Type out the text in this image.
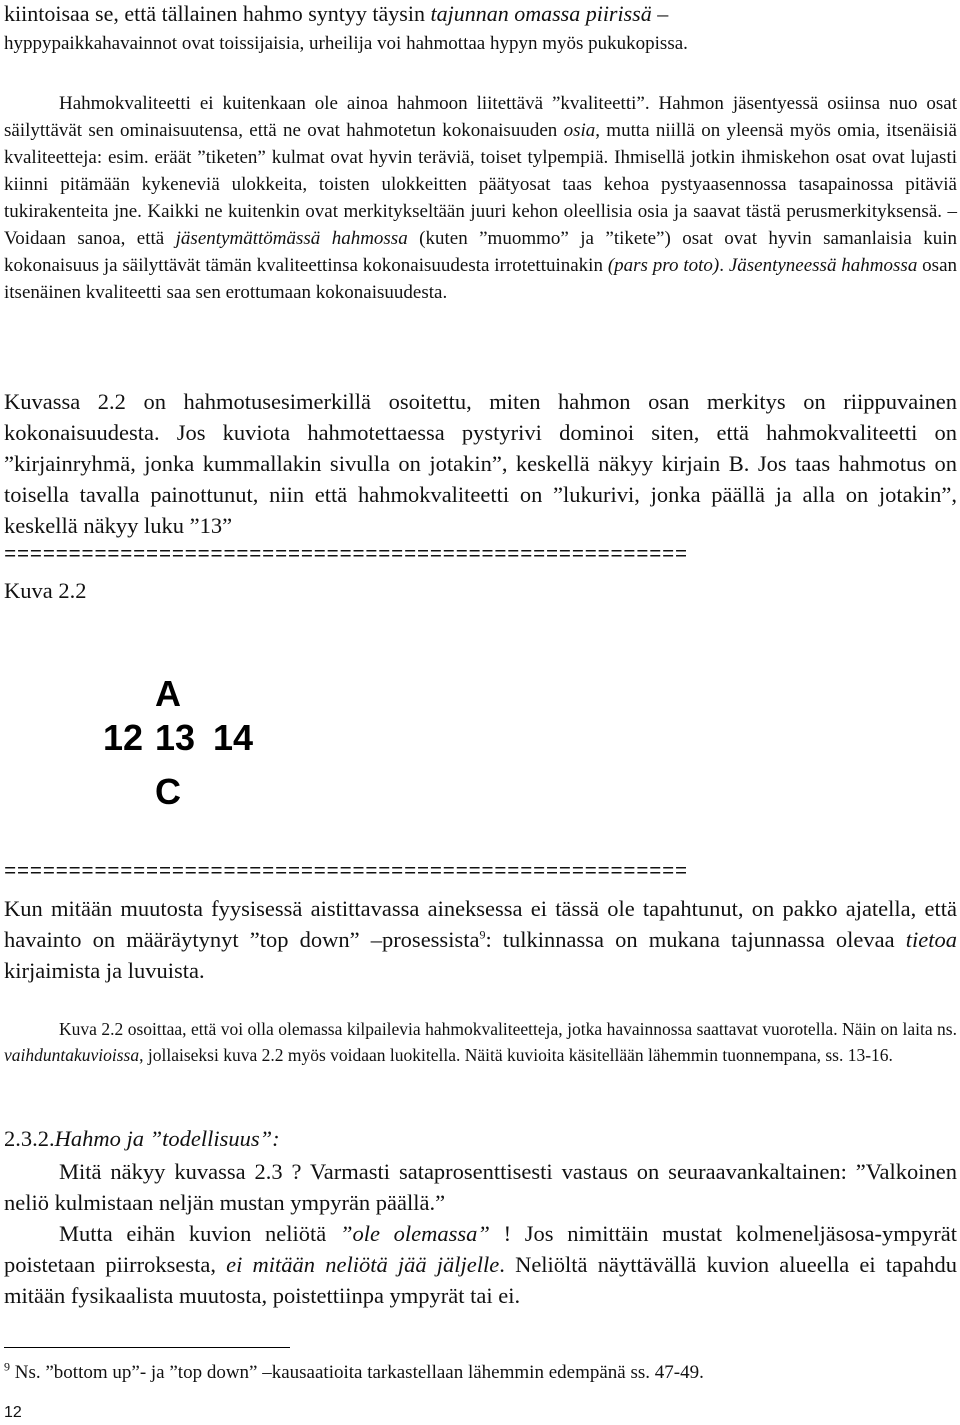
kiintoisaa se, että tällainen hahmo syntyy täysin tajunnan omassa piirissä –
hyppypaikkahavainnot ovat toissijaisia, urheilija voi hahmottaa hypyn myös pukukopissa.

Hahmokvaliteetti ei kuitenkaan ole ainoa hahmoon liitettävä ”kvaliteetti”. Hahmon jäsentyessä osiinsa nuo osat säilyttävät sen ominaisuutensa, että ne ovat hahmotetun kokonaisuuden osia, mutta niillä on yleensä myös omia, itsenäisiä kvaliteetteja: esim. eräät ”tiketen” kulmat ovat hyvin teräviä, toiset tylpempiä. Ihmisellä jotkin ihmiskehon osat ovat lujasti kiinni pitämään kykeneviä ulokkeita, toisten ulokkeitten päätyosat taas kehoa pystyaasennossa tasapainossa pitäviä tukirakenteita jne. Kaikki ne kuitenkin ovat merkitykseltään juuri kehon oleellisia osia ja saavat tästä perusmerkityksensä. – Voidaan sanoa, että jäsentymättömässä hahmossa (kuten ”muommo” ja ”tikete”) osat ovat hyvin samanlaisia kuin kokonaisuus ja säilyttävät tämän kvaliteettinsa kokonaisuudesta irrotettuinakin (pars pro toto). Jäsentyneessä hahmossa osan itsenäinen kvaliteetti saa sen erottumaan kokonaisuudesta.

Kuvassa 2.2 on hahmotusesimerkillä osoitettu, miten hahmon osan merkitys on riippuvainen kokonaisuudesta. Jos kuviota hahmotettaessa pystyrivi dominoi siten, että hahmokvaliteetti on ”kirjainryhmä, jonka kummallakin sivulla on jotakin”, keskellä näkyy kirjain B. Jos taas hahmotus on toisella tavalla painottunut, niin että hahmokvaliteetti on ”lukurivi, jonka päällä ja alla on jotakin”, keskellä näkyy luku ”13”

=====================================================
Kuva 2.2
A
12 13 14
C
=====================================================

Kun mitään muutosta fyysisessä aistittavassa aineksessa ei tässä ole tapahtunut, on pakko ajatella, että havainto on määräytynyt ”top down” –prosessista$^9$: tulkinnassa on mukana tajunnassa olevaa tietoa kirjaimista ja luvuista.

Kuva 2.2 osoittaa, että voi olla olemassa kilpailevia hahmokvaliteetteja, jotka havainnossa saattavat vuorotella. Näin on laita ns. vaihduntakuvioissa, jollaiseksi kuva 2.2 myös voidaan luokitella. Näitä kuvioita käsitellään lähemmin tuonnempana, ss. 13-16.

2.3.2.Hahmo ja ”todellisuus”:

Mitä näkyy kuvassa 2.3 ? Varmasti sataprosenttisesti vastaus on seuraavankaltainen: ”Valkoinen neliö kulmistaan neljän mustan ympyrän päällä.”

Mutta eihän kuvion neliötä ”ole olemassa” ! Jos nimittäin mustat kolmeneljäsosa-ympyrät poistetaan piirroksesta, ei mitään neliötä jää jäljelle. Neliöltä näyttävällä kuvion alueella ei tapahdu mitään fysikaalista muutosta, poistettiinpa ympyrät tai ei.

$^9$ Ns. ”bottom up”- ja ”top down” –kausaatioita tarkastellaan lähemmin edempänä ss. 47-49.
12
